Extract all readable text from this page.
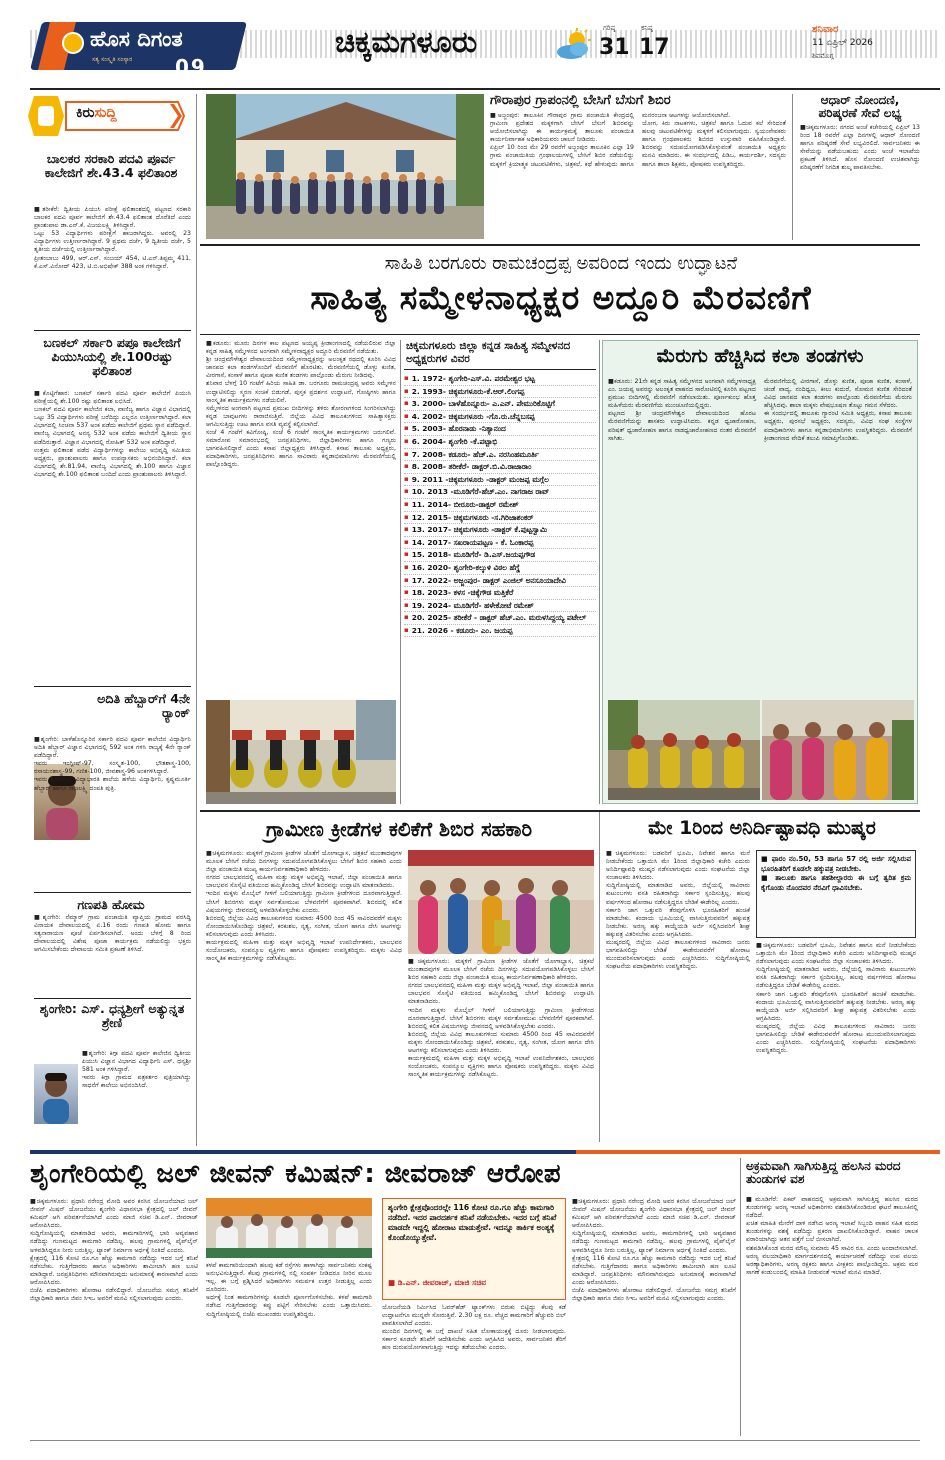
ಹೊಸ ದಿಗಂತ
ಸತ್ಯ ಸಂಸ್ಕೃತಿ ಸಂಸ್ಕಾರ 09
ಚಿಕ್ಕಮಗಳೂರು	ಗರಿಷ್ಠ
31
ಕನಿಷ್ಠ
17
ಶನಿವಾರ
11 ಏಪ್ರಿಲ್ 2026
ಶಿವಮೊಗ್ಗ
ಕಿರುಸುದ್ದಿ
ಬಾಲಕರ ಸರಕಾರಿ ಪದವಿ ಪೂರ್ವ ಕಾಲೇಜಿಗೆ ಶೇ.43.4 ಫಲಿತಾಂಶ
■ತರೀಕೆರೆ: ದ್ವಿತೀಯ ಪಿಯುಸಿ ಪರೀಕ್ಷೆ ಫಲಿತಾಂಶದಲ್ಲಿ ಪಟ್ಟಣದ ಸರಕಾರಿ ಬಾಲಕರ ಪದವಿ ಪೂರ್ವ ಕಾಲೇಜಿಗೆ ಶೇ.43.4 ಫಲಿತಾಂಶ ದೊರೆತಿದೆ ಎಂದು ಪ್ರಾಂಶುಪಾಲ ಡಾ.ಎನ್.ಕೆ. ವಿಜಯಲಕ್ಷ್ಮಿ ತಿಳಿಸಿದ್ದಾರೆ.
ಒಟ್ಟು 53 ವಿದ್ಯಾರ್ಥಿಗಳು ಪರೀಕ್ಷೆಗೆ ಹಾಜರಾಗಿದ್ದರು. ಅವರಲ್ಲಿ 23 ವಿದ್ಯಾರ್ಥಿಗಳು ಉತ್ತೀರ್ಣರಾಗಿದ್ದಾರೆ. 9 ಪ್ರಥಮ ದರ್ಜೆ, 9 ದ್ವಿತೀಯ ದರ್ಜೆ, 5 ತೃತೀಯ ದರ್ಜೆಯಲ್ಲಿ ಉತ್ತೀರ್ಣರಾಗಿದ್ದಾರೆ.
ಪ್ರೀತಂಬಾಬು 499, ಆರ್.ಎಸ್. ಸಂಜಯ್ 454, ಟಿ.ಎನ್.ತಿಪ್ಪಮ್ಮ 411, ಕೆ.ಎಸ್.ವಿನೋದ್ 423, ಟಿ.ಬಿ.ಅಭಿಷೇಕ್ 388 ಅಂಕ ಗಳಿಸಿದ್ದಾರೆ.
ಬಣಕಲ್ ಸರ್ಕಾರಿ ಪಪೂ ಕಾಲೇಜಿಗೆ ಪಿಯುಸಿಯಲ್ಲಿ ಶೇ.100ರಷ್ಟು ಫಲಿತಾಂಶ
■ಕೊಟ್ಟಿಗೆಹಾರ: ಬಣಕಲ್ ಸರ್ಕಾರಿ ಪದವಿ ಪೂರ್ವ ಕಾಲೇಜಿಗೆ ಪಿಯುಸಿ ಪರೀಕ್ಷೆಯಲ್ಲಿ ಶೇ.100 ರಷ್ಟು ಫಲಿತಾಂಶ ಲಭಿಸಿದೆ.
ಬಣಕಲ್ ಪದವಿ ಪೂರ್ವ ಕಾಲೇಜಿನ ಕಲಾ, ವಾಣಿಜ್ಯ ಹಾಗೂ ವಿಜ್ಞಾನ ವಿಭಾಗದಲ್ಲಿ ಒಟ್ಟು 35 ವಿದ್ಯಾರ್ಥಿಗಳು ಪರೀಕ್ಷೆ ಬರೆದಿದ್ದು ಎಲ್ಲರೂ ಉತ್ತೀರ್ಣರಾಗಿದ್ದಾರೆ. ಕಲಾ ವಿಭಾಗದಲ್ಲಿ ಸಿಂಚನಾ 537 ಅಂಕ ಪಡೆದು ಕಾಲೇಜಿಗೆ ಪ್ರಥಮ ಸ್ಥಾನ ಪಡೆದಿದ್ದಾರೆ. ವಾಣಿಜ್ಯ ವಿಭಾಗದಲ್ಲಿ ಅನನ್ಯ 532 ಅಂಕ ಪಡೆದು ಕಾಲೇಜಿಗೆ ದ್ವಿತೀಯ ಸ್ಥಾನ ಪಡೆದಿರುತ್ತಾರೆ. ವಿಜ್ಞಾನ ವಿಭಾಗದಲ್ಲಿ ರೋಹಿತ್ 532 ಅಂಕ ಪಡೆದಿದ್ದಾರೆ.
ಉತ್ತಮ ಫಲಿತಾಂಶ ಪಡೆದ ವಿದ್ಯಾರ್ಥಿಗಳನ್ನು ಕಾಲೇಜು ಅಭಿವೃದ್ಧಿ ಸಮಿತಿಯ ಅಧ್ಯಕ್ಷರು, ಪ್ರಾಂಶುಪಾಲರು ಹಾಗೂ ಉಪನ್ಯಾಸಕರು ಅಭಿನಂದಿಸಿದ್ದಾರೆ. ಕಲಾ ವಿಭಾಗದಲ್ಲಿ ಶೇ.81.94, ವಾಣಿಜ್ಯ ವಿಭಾಗದಲ್ಲಿ ಶೇ.100 ಹಾಗೂ ವಿಜ್ಞಾನ ವಿಭಾಗದಲ್ಲಿ ಶೇ.100 ಫಲಿತಾಂಶ ಬಂದಿದೆ ಎಂದು ಪ್ರಾಂಶುಪಾಲರು ತಿಳಿಸಿದ್ದಾರೆ.
ಅದಿತಿ ಹೆಬ್ಬಾರ್‌ಗೆ 4ನೇ ರ‍್ಯಾಂಕ್
■ಶೃಂಗೇರಿ: ಬಾಳೆಹೊನ್ನೂರಿನ ಸರ್ಕಾರಿ ಪದವಿ ಪೂರ್ವ ಕಾಲೇಜಿನ ವಿದ್ಯಾರ್ಥಿನಿ ಅದಿತಿ ಹೆಬ್ಬಾರ್ ವಿಜ್ಞಾನ ವಿಭಾಗದಲ್ಲಿ 592 ಅಂಕ ಗಳಿಸಿ ರಾಜ್ಯಕ್ಕೆ 4ನೇ ರ‍್ಯಾಂಕ್ ಪಡೆದಿದ್ದಾರೆ.
ಇವರು ಇಂಗ್ಲೀಷ್-97, ಸಂಸ್ಕೃತ-100, ಭೌತಶಾಸ್ತ್ರ-100, ರಸಾಯನಶಾಸ್ತ್ರ-99, ಗಣಿತ-100, ಜೀವಶಾಸ್ತ್ರ-96 ಅಂಕಗಳಿಸಿದ್ದಾರೆ.
ಇವರು ಶೃಂಗೇರಿಯ ವಿದ್ಯಾಭಾರತಿ ಶಾಲೆಯ ಹಳೆಯ ವಿದ್ಯಾರ್ಥಿನಿ, ಕೃಷ್ಣಮೂರ್ತಿ ಹೆಬ್ಬಾರ್ ಹಾಗೂ ರಾಜಲಕ್ಷ್ಮಿ ದಂಪತಿ ಪುತ್ರಿ.
ಗಣಪತಿ ಹೋಮ
■ಶೃಂಗೇರಿ: ನೆಮ್ಮಾರ್ ಗ್ರಾಮ ಪಂಚಾಯಿತಿ ವ್ಯಾಪ್ತಿಯ ಗ್ರಾಮದ ವರಸಿದ್ಧಿ ವಿನಾಯಕ ದೇವಾಲಯದಲ್ಲಿ ಏ.16 ರಂದು ಗಣಪತಿ ಹೋಮ ಹಾಗೂ ಸತ್ಯನಾರಾಯಣ ಪೂಜೆ ಏರ್ಪಡಿಸಲಾಗಿದೆ. ಅಂದು ಬೆಳಗ್ಗೆ 8 ರಿಂದ ದೇವಾಲಯದಲ್ಲಿ ವಿಶೇಷ ಪೂಜಾ ಕಾರ್ಯಕ್ರಮ ನಡೆಯಲಿದ್ದು ಭಕ್ತರು ಆಗಮಿಸಬೇಕೆಂದು ದೇವಾಲಯ ಸಮಿತಿ ಪ್ರಕಟಣೆ ತಿಳಿಸಿದೆ.
ಶೃಂಗೇರಿ: ಎಸ್. ಧನ್ಯಶ್ರೀಗೆ ಅತ್ಯುನ್ನತ ಶ್ರೇಣಿ
■ಶೃಂಗೇರಿ: ಕಿಗ್ಗಾ ಪದವಿ ಪೂರ್ವ ಕಾಲೇಜಿನ ದ್ವಿತೀಯ ಪಿಯುಸಿ ವಿಜ್ಞಾನ ವಿಭಾಗದ ವಿದ್ಯಾರ್ಥಿನಿ ಎಸ್. ಧನ್ಯಶ್ರೀ 581 ಅಂಕ ಗಳಿಸಿದ್ದಾರೆ.
ಇವರು ಕಿಗ್ಗಾ ಗ್ರಾಮದ ಪತ್ರಕರ್ತರ ಪುತ್ರಿಯಾಗಿದ್ದು ಸಾಧನೆಗೆ ಕಾಲೇಜು ಅಭಿನಂದಿಸಿದೆ.
ಗೌರಾಪುರ ಗ್ರಾಪಂನಲ್ಲಿ ಬೇಸಿಗೆ ಬೆಸುಗೆ ಶಿಬಿರ
■ಅಜ್ಜಂಪುರ: ತಾಲೂಕಿನ ಗೌರಾಪುರ ಗ್ರಾಮ ಪಂಚಾಯಿತಿ ಕೇಂದ್ರದಲ್ಲಿ ಗ್ರಾಮೀಣ ಪ್ರದೇಶದ ಮಕ್ಕಳಿಗಾಗಿ ಬೇಸಿಗೆ ಬೆಸುಗೆ ಶಿಬಿರವನ್ನು ಆಯೋಜಿಸಲಾಗಿದ್ದು ಈ ಕಾರ್ಯಕ್ರಮಕ್ಕೆ ತಾಲೂಕು ಪಂಚಾಯಿತಿ ಕಾರ್ಯನಿರ್ವಾಹಕ ಅಧಿಕಾರಿಯವರು ಚಾಲನೆ ನೀಡಿದರು.
ಏಪ್ರಿಲ್ 10 ರಿಂದ ಮೇ 29 ರವರೆಗೆ ಅಜ್ಜಂಪುರ ತಾಲೂಕಿನ ಎಲ್ಲಾ 19 ಗ್ರಾಮ ಪಂಚಾಯಿತಿಯ ಗ್ರಂಥಾಲಯಗಳಲ್ಲಿ ಬೇಸಿಗೆ ಶಿಬಿರ ನಡೆಯಲಿದ್ದು ಮಕ್ಕಳಿಗೆ ಕ್ರಿಯಾತ್ಮಕ ಚಟುವಟಿಕೆಗಳು, ಚಿತ್ರಕಲೆ, ಕಥೆ ಹೇಳುವುದು ಹಾಗೂ ಮನರಂಜನಾ ಆಟಗಳನ್ನು ಆಯೋಜಿಸಲಾಗಿದೆ.
ಯೋಗ, ಕಿರು ನಾಟಕಗಳು, ಚಿತ್ರಕಲೆ ಹಾಗೂ ಓದುವ ಕಲೆ ಸೇರಿದಂತೆ ಹಲವು ಚಟುವಟಿಕೆಗಳನ್ನು ಮಕ್ಕಳಿಗೆ ಕಲಿಸಲಾಗುವುದು. ಸ್ವಯಂಸೇವಕರು ಹಾಗೂ ಗ್ರಂಥಪಾಲಕರು ಶಿಬಿರದ ಉಸ್ತುವಾರಿ ವಹಿಸಿಕೊಂಡಿದ್ದಾರೆ. ಶಿಬಿರವನ್ನು ಸದುಪಯೋಗಪಡಿಸಿಕೊಳ್ಳುವಂತೆ ಪಂಚಾಯಿತಿ ಅಧ್ಯಕ್ಷರು ಮನವಿ ಮಾಡಿದರು. ಈ ಸಂದರ್ಭದಲ್ಲಿ ಪಿಡಿಒ, ಕಾರ್ಯದರ್ಶಿ, ಸದಸ್ಯರು ಹಾಗೂ ಶಾಲಾ ಶಿಕ್ಷಕರು, ಪೋಷಕರು ಉಪಸ್ಥಿತರಿದ್ದರು.
ಆಧಾರ್ ನೋಂದಣಿ, ಪರಿಷ್ಕರಣೆ ಸೇವೆ ಲಭ್ಯ
■ಚಿಕ್ಕಮಗಳೂರು: ನಗರದ ಅಂಚೆ ಕಚೇರಿಯಲ್ಲಿ ಏಪ್ರಿಲ್ 13 ರಿಂದ 18 ರವರೆಗೆ ಎಲ್ಲಾ ದಿನಗಳಲ್ಲಿ ಆಧಾರ್ ನೋಂದಣಿ ಹಾಗೂ ಪರಿಷ್ಕರಣೆ ಸೇವೆ ಲಭ್ಯವಿರಲಿದೆ. ಸಾರ್ವಜನಿಕರು ಈ ಸೇವೆಯನ್ನು ಪಡೆಯಬಹುದು ಎಂದು ಅಂಚೆ ಇಲಾಖೆಯ ಪ್ರಕಟಣೆ ತಿಳಿಸಿದೆ. ಹೊಸ ನೋಂದಣಿ ಉಚಿತವಾಗಿದ್ದು ಪರಿಷ್ಕರಣೆಗೆ ನಿಗದಿತ ಶುಲ್ಕ ಪಾವತಿಸಬೇಕು.
ಸಾಹಿತಿ ಬರಗೂರು ರಾಮಚಂದ್ರಪ್ಪ ಅವರಿಂದ ಇಂದು ಉದ್ಘಾಟನೆ
ಸಾಹಿತ್ಯ ಸಮ್ಮೇಳನಾಧ್ಯಕ್ಷರ ಅದ್ದೂರಿ ಮೆರವಣಿಗೆ
■ಕಡೂರು: ಮೂರು ದಿನಗಳ ಕಾಲ ಪಟ್ಟಣದ ಅಯ್ಯಪ್ಪ ಕ್ರೀಡಾಂಗಣದಲ್ಲಿ ನಡೆಯಲಿರುವ ಜಿಲ್ಲಾ ಕನ್ನಡ ಸಾಹಿತ್ಯ ಸಮ್ಮೇಳನದ ಅಂಗವಾಗಿ ಸಮ್ಮೇಳನಾಧ್ಯಕ್ಷರ ಅದ್ದೂರಿ ಮೆರವಣಿಗೆ ನಡೆಯಿತು.
ಶ್ರೀ ಚಂದ್ರಮೌಳೇಶ್ವರ ದೇವಾಲಯದಿಂದ ಸಮ್ಮೇಳನಾಧ್ಯಕ್ಷರನ್ನು ಅಲಂಕೃತ ರಥದಲ್ಲಿ ಕೂರಿಸಿ ವಿವಿಧ ಜಾನಪದ ಕಲಾ ತಂಡಗಳೊಂದಿಗೆ ಮೆರವಣಿಗೆ ಹೊರಟಿತು. ಮೆರವಣಿಗೆಯಲ್ಲಿ ಡೊಳ್ಳು ಕುಣಿತ, ವೀರಗಾಸೆ, ಕಂಸಾಳೆ ಹಾಗೂ ಪೂಜಾ ಕುಣಿತ ತಂಡಗಳು ಪಾಲ್ಗೊಂಡು ಮೆರುಗು ನೀಡಿದವು.
ಶನಿವಾರ ಬೆಳಗ್ಗೆ 10 ಗಂಟೆಗೆ ಹಿರಿಯ ಸಾಹಿತಿ ಡಾ. ಬರಗೂರು ರಾಮಚಂದ್ರಪ್ಪ ಅವರು ಸಮ್ಮೇಳನ ಉದ್ಘಾಟಿಸಲಿದ್ದು ಸ್ಮರಣ ಸಂಚಿಕೆ ಬಿಡುಗಡೆ, ಪುಸ್ತಕ ಪ್ರದರ್ಶನ ಉದ್ಘಾಟನೆ, ಗೋಷ್ಠಿಗಳು ಹಾಗೂ ಸಾಂಸ್ಕೃತಿಕ ಕಾರ್ಯಕ್ರಮಗಳು ನಡೆಯಲಿವೆ.
ಸಮ್ಮೇಳನದ ಅಂಗವಾಗಿ ಪಟ್ಟಣದ ಪ್ರಮುಖ ಬೀದಿಗಳನ್ನು ತಳಿರು ತೋರಣಗಳಿಂದ ಸಿಂಗರಿಸಲಾಗಿದ್ದು ಕನ್ನಡ ಬಾವುಟಗಳು ರಾರಾಜಿಸುತ್ತಿವೆ. ಜಿಲ್ಲೆಯ ವಿವಿಧ ತಾಲೂಕುಗಳಿಂದ ಸಾಹಿತ್ಯಾಸಕ್ತರು ಆಗಮಿಸುತ್ತಿದ್ದು ಊಟ ಹಾಗೂ ವಸತಿ ವ್ಯವಸ್ಥೆ ಕಲ್ಪಿಸಲಾಗಿದೆ.
ಸಂಜೆ 4 ಗಂಟೆಗೆ ಕವಿಗೋಷ್ಠಿ, ಸಂಜೆ 6 ಗಂಟೆಗೆ ಸಾಂಸ್ಕೃತಿಕ ಕಾರ್ಯಕ್ರಮಗಳು ಜರುಗಲಿವೆ. ಸಮಾರೋಪ ಸಮಾರಂಭದಲ್ಲಿ ಜನಪ್ರತಿನಿಧಿಗಳು, ಜಿಲ್ಲಾಧಿಕಾರಿಗಳು ಹಾಗೂ ಗಣ್ಯರು ಭಾಗವಹಿಸಲಿದ್ದಾರೆ ಎಂದು ಕಸಾಪ ಜಿಲ್ಲಾಧ್ಯಕ್ಷರು ತಿಳಿಸಿದ್ದಾರೆ. ಕಸಾಪ ತಾಲೂಕು ಅಧ್ಯಕ್ಷರು, ಪದಾಧಿಕಾರಿಗಳು, ಜನಪ್ರತಿನಿಧಿಗಳು ಹಾಗೂ ಸಾವಿರಾರು ಕನ್ನಡಾಭಿಮಾನಿಗಳು ಮೆರವಣಿಗೆಯಲ್ಲಿ ಪಾಲ್ಗೊಂಡಿದ್ದರು.
ಚಿಕ್ಕಮಗಳೂರು ಜಿಲ್ಲಾ ಕನ್ನಡ ಸಾಹಿತ್ಯ ಸಮ್ಮೇಳನದ ಅಧ್ಯಕ್ಷರುಗಳ ವಿವರ
▪ 1. 1972- ಶೃಂಗೇರಿ-ಎಸ್.ವಿ. ಪರಮೇಶ್ವರ ಭಟ್ಟ
▪ 2. 1993- ಚಿಕ್ಕಮಗಳೂರು-ಕೆ.ಆರ್.ಲಿಂಗಪ್ಪ
▪ 3. 2000- ಬಾಳೆಹೊನ್ನೂರು- ಎ.ಎನ್. ಪೇಮುರಿಕೊಟ್ಟಿಗೆ
▪ 4. 2002- ಚಿಕ್ಕಮಗಳೂರು -ಗೊ.ರು.ಚೆನ್ನಬಸಪ್ಪ
▪ 5. 2003- ಹೊರನಾಡು -ನಿತ್ಯಾನಂದ
▪ 6. 2004- ಶೃಂಗೇರಿ -ಕೆ.ಪಟ್ಟಾಭಿ
▪ 7. 2008- ಕಡೂರು- ಹೆಚ್.ಎ. ನರಸಿಂಹಮೂರ್ತಿ
▪ 8. 2008- ತರೀಕೆರೆ- ಡಾಕ್ಟರ್.ಬಿ.ವಿ.ರಾಜಾರಾಂ
▪ 9. 2011 -ಚಿಕ್ಕಮಗಳೂರು -ಡಾಕ್ಟರ್ ಮಂಜಪ್ಪ ಮಗ್ಗೆಲ
▪ 10. 2013 -ಮೂಡಿಗೆರೆ-ಹೆಚ್.ಎಂ. ನಾಗರಾಜ ರಾವ್
▪ 11. 2014- ಬೀರೂರು-ಡಾಕ್ಟರ್ ರಮೇಶ್
▪ 12. 2015- ಚಿಕ್ಕಮಗಳೂರು -ಸ.ಗಿರಿಜಾಶಂಕರ್
▪ 13. 2017- ಚಿಕ್ಕಮಗಳೂರು -ಡಾಕ್ಟರ್ ಕೆ.ಪುಟ್ಟಸ್ವಾಮಿ
▪ 14. 2017- ಸಖರಾಯಪಟ್ಟಣ - ಕೆ. ಓಂಕಾರಪ್ಪ
▪ 15. 2018- ಮೂಡಿಗೆರೆ- ಡಿ.ಎಸ್.ಜಯಪ್ಪಗೌಡ
▪ 16. 2020- ಶೃಂಗೇರಿ-ಕಲ್ಕುಳಿ ವಿಠಲ ಹೆಗ್ಡೆ
▪ 17. 2022- ಅಜ್ಜಂಪುರ- ಡಾಕ್ಟರ್ ಎಂಜಿಲ್ ಅನಸೂಯಾದೇವಿ
▪ 18. 2023- ಕಳಸ -ಚಿಕ್ಕೆಗೌಡ ಮತ್ತಿಕೆರೆ
▪ 19. 2024- ಮೂಡಿಗೆರೆ- ಹಳೇಕೋಟೆ ರಮೇಶ್
▪ 20. 2025- ತರೀಕೆರೆ - ಡಾಕ್ಟರ್ ಹೆಚ್.ಎಂ. ಮರುಳಸಿದ್ದಯ್ಯ ಪಟೇಲ್
▪ 21. 2026 - ಕಡೂರು- ಎಂ. ಜಯಪ್ಪ
ಮೆರುಗು ಹೆಚ್ಚಿಸಿದ ಕಲಾ ತಂಡಗಳು
■ಕಡೂರು: 21ನೇ ಕನ್ನಡ ಸಾಹಿತ್ಯ ಸಮ್ಮೇಳನದ ಅಂಗವಾಗಿ ಸಮ್ಮೇಳನಾಧ್ಯಕ್ಷ ಎಂ. ಜಯಪ್ಪ ಅವರನ್ನು ಅಲಂಕೃತ ವಾಹನದ ಸಾರೋಟಿನಲ್ಲಿ ಕೂರಿಸಿ ಪಟ್ಟಣದ ಪ್ರಮುಖ ಬೀದಿಗಳಲ್ಲಿ ಮೆರವಣಿಗೆ ನಡೆಸಲಾಯಿತು. ಪೂರ್ಣಕುಂಭ ಹೊತ್ತ ಮಹಿಳೆಯರು ಮೆರವಣಿಗೆಯ ಮುಂಚೂಣಿಯಲ್ಲಿದ್ದರು.
ಪಟ್ಟಣದ ಶ್ರೀ ಚಂದ್ರಮೌಳೇಶ್ವರ ದೇವಾಲಯದಿಂದ ಹೊರಟ ಮೆರವಣಿಗೆಯನ್ನು ಶಾಸಕರು ಉದ್ಘಾಟಿಸಿದರು. ಕನ್ನಡ ಧ್ವಜಾರೋಹಣ, ಪರಿಷತ್ ಧ್ವಜಾರೋಹಣ ಹಾಗೂ ನಾಡಧ್ವಜಾರೋಹಣದ ನಂತರ ಮೆರವಣಿಗೆ ಸಾಗಿತು.
ಮೆರವಣಿಗೆಯಲ್ಲಿ ವೀರಗಾಸೆ, ಡೊಳ್ಳು ಕುಣಿತ, ಪೂಜಾ ಕುಣಿತ, ಕಂಸಾಳೆ, ಚಂಡೆ ವಾದ್ಯ, ನಂದಿಧ್ವಜ, ಕೀಲು ಕುದುರೆ, ಸೋಮನ ಕುಣಿತ ಸೇರಿದಂತೆ ವಿವಿಧ ಜಾನಪದ ಕಲಾ ತಂಡಗಳು ಪಾಲ್ಗೊಂಡು ಮೆರವಣಿಗೆಯ ಮೆರುಗು ಹೆಚ್ಚಿಸಿದವು. ಶಾಲಾ ಮಕ್ಕಳು ವೇಷಭೂಷಣ ತೊಟ್ಟು ಗಮನ ಸೆಳೆದರು.
ಈ ಸಂದರ್ಭದಲ್ಲಿ ತಾಲೂಕು ಗ್ಯಾರಂಟಿ ಸಮಿತಿ ಅಧ್ಯಕ್ಷರು, ಕಸಾಪ ತಾಲೂಕು ಅಧ್ಯಕ್ಷರು, ಪುರಸಭೆ ಅಧ್ಯಕ್ಷರು, ಸದಸ್ಯರು, ವಿವಿಧ ಸಂಘ ಸಂಸ್ಥೆಗಳ ಪದಾಧಿಕಾರಿಗಳು ಹಾಗೂ ಕನ್ನಡಾಭಿಮಾನಿಗಳು ಉಪಸ್ಥಿತರಿದ್ದರು. ಮೆರವಣಿಗೆ ಕ್ರೀಡಾಂಗಣದ ವೇದಿಕೆ ತಲುಪಿ ಸಮಾಪ್ತಿಗೊಂಡಿತು.
ಗ್ರಾಮೀಣ ಕ್ರೀಡೆಗಳ ಕಲಿಕೆಗೆ ಶಿಬಿರ ಸಹಕಾರಿ
■ಚಿಕ್ಕಮಗಳೂರು: ಮಕ್ಕಳಿಗೆ ಗ್ರಾಮೀಣ ಕ್ರೀಡೆಗಳ ಜೊತೆಗೆ ಯೋಗಾಭ್ಯಾಸ, ಚಿತ್ರಕಲೆ ಮುಂತಾದವುಗಳ ಮೂಲಕ ಬೇಸಿಗೆ ರಜೆಯ ದಿನಗಳನ್ನು ಸದುಪಯೋಗಪಡಿಸಿಕೊಳ್ಳಲು ಬೇಸಿಗೆ ಶಿಬಿರ ಸಹಕಾರಿ ಎಂದು ಜಿಲ್ಲಾ ಪಂಚಾಯಿತಿ ಮುಖ್ಯ ಕಾರ್ಯನಿರ್ವಹಣಾಧಿಕಾರಿ ಹೇಳಿದರು.
ನಗರದ ಬಾಲಭವನದಲ್ಲಿ ಮಹಿಳಾ ಮತ್ತು ಮಕ್ಕಳ ಅಭಿವೃದ್ಧಿ ಇಲಾಖೆ, ಜಿಲ್ಲಾ ಪಂಚಾಯಿತಿ ಹಾಗೂ ಬಾಲಭವನ ಸೊಸೈಟಿ ವತಿಯಿಂದ ಹಮ್ಮಿಕೊಂಡಿದ್ದ ಬೇಸಿಗೆ ಶಿಬಿರವನ್ನು ಉದ್ಘಾಟಿಸಿ ಮಾತನಾಡಿದರು.
ಇಂದಿನ ಮಕ್ಕಳು ಮೊಬೈಲ್ ಗೀಳಿಗೆ ಬಲಿಯಾಗುತ್ತಿದ್ದು ಗ್ರಾಮೀಣ ಕ್ರೀಡೆಗಳಿಂದ ದೂರವಾಗುತ್ತಿದ್ದಾರೆ. ಬೇಸಿಗೆ ಶಿಬಿರಗಳು ಮಕ್ಕಳ ಸರ್ವತೋಮುಖ ಬೆಳವಣಿಗೆಗೆ ಪೂರಕವಾಗಿವೆ. ಶಿಬಿರದಲ್ಲಿ ಕಲಿತ ವಿಷಯಗಳನ್ನು ಜೀವನದಲ್ಲಿ ಅಳವಡಿಸಿಕೊಳ್ಳಬೇಕು ಎಂದರು.
ಶಿಬಿರದಲ್ಲಿ ಜಿಲ್ಲೆಯ ವಿವಿಧ ತಾಲೂಕುಗಳಿಂದ ಸುಮಾರು 4500 ರಿಂದ 45 ಸಾವಿರದವರೆಗೆ ಮಕ್ಕಳು ನೋಂದಾಯಿಸಿಕೊಂಡಿದ್ದು ಚಿತ್ರಕಲೆ, ಕರಕುಶಲ, ನೃತ್ಯ, ಸಂಗೀತ, ಯೋಗ ಹಾಗೂ ದೇಸಿ ಆಟಗಳನ್ನು ಕಲಿಸಲಾಗುವುದು ಎಂದು ತಿಳಿಸಿದರು.
ಕಾರ್ಯಕ್ರಮದಲ್ಲಿ ಮಹಿಳಾ ಮತ್ತು ಮಕ್ಕಳ ಅಭಿವೃದ್ಧಿ ಇಲಾಖೆ ಉಪನಿರ್ದೇಶಕರು, ಬಾಲಭವನ ಸಂಯೋಜಕರು, ಸಂಪನ್ಮೂಲ ವ್ಯಕ್ತಿಗಳು ಹಾಗೂ ಪೋಷಕರು ಉಪಸ್ಥಿತರಿದ್ದರು. ಮಕ್ಕಳು ವಿವಿಧ ಸಾಂಸ್ಕೃತಿಕ ಕಾರ್ಯಕ್ರಮಗಳನ್ನು ನಡೆಸಿಕೊಟ್ಟರು.	■ಚಿಕ್ಕಮಗಳೂರು: ಮಕ್ಕಳಿಗೆ ಗ್ರಾಮೀಣ ಕ್ರೀಡೆಗಳ ಜೊತೆಗೆ ಯೋಗಾಭ್ಯಾಸ, ಚಿತ್ರಕಲೆ ಮುಂತಾದವುಗಳ ಮೂಲಕ ಬೇಸಿಗೆ ರಜೆಯ ದಿನಗಳನ್ನು ಸದುಪಯೋಗಪಡಿಸಿಕೊಳ್ಳಲು ಬೇಸಿಗೆ ಶಿಬಿರ ಸಹಕಾರಿ ಎಂದು ಜಿಲ್ಲಾ ಪಂಚಾಯಿತಿ ಮುಖ್ಯ ಕಾರ್ಯನಿರ್ವಹಣಾಧಿಕಾರಿ ಹೇಳಿದರು.
ನಗರದ ಬಾಲಭವನದಲ್ಲಿ ಮಹಿಳಾ ಮತ್ತು ಮಕ್ಕಳ ಅಭಿವೃದ್ಧಿ ಇಲಾಖೆ, ಜಿಲ್ಲಾ ಪಂಚಾಯಿತಿ ಹಾಗೂ ಬಾಲಭವನ ಸೊಸೈಟಿ ವತಿಯಿಂದ ಹಮ್ಮಿಕೊಂಡಿದ್ದ ಬೇಸಿಗೆ ಶಿಬಿರವನ್ನು ಉದ್ಘಾಟಿಸಿ ಮಾತನಾಡಿದರು.
ಇಂದಿನ ಮಕ್ಕಳು ಮೊಬೈಲ್ ಗೀಳಿಗೆ ಬಲಿಯಾಗುತ್ತಿದ್ದು ಗ್ರಾಮೀಣ ಕ್ರೀಡೆಗಳಿಂದ ದೂರವಾಗುತ್ತಿದ್ದಾರೆ. ಬೇಸಿಗೆ ಶಿಬಿರಗಳು ಮಕ್ಕಳ ಸರ್ವತೋಮುಖ ಬೆಳವಣಿಗೆಗೆ ಪೂರಕವಾಗಿವೆ. ಶಿಬಿರದಲ್ಲಿ ಕಲಿತ ವಿಷಯಗಳನ್ನು ಜೀವನದಲ್ಲಿ ಅಳವಡಿಸಿಕೊಳ್ಳಬೇಕು ಎಂದರು.
ಶಿಬಿರದಲ್ಲಿ ಜಿಲ್ಲೆಯ ವಿವಿಧ ತಾಲೂಕುಗಳಿಂದ ಸುಮಾರು 4500 ರಿಂದ 45 ಸಾವಿರದವರೆಗೆ ಮಕ್ಕಳು ನೋಂದಾಯಿಸಿಕೊಂಡಿದ್ದು ಚಿತ್ರಕಲೆ, ಕರಕುಶಲ, ನೃತ್ಯ, ಸಂಗೀತ, ಯೋಗ ಹಾಗೂ ದೇಸಿ ಆಟಗಳನ್ನು ಕಲಿಸಲಾಗುವುದು ಎಂದು ತಿಳಿಸಿದರು.
ಕಾರ್ಯಕ್ರಮದಲ್ಲಿ ಮಹಿಳಾ ಮತ್ತು ಮಕ್ಕಳ ಅಭಿವೃದ್ಧಿ ಇಲಾಖೆ ಉಪನಿರ್ದೇಶಕರು, ಬಾಲಭವನ ಸಂಯೋಜಕರು, ಸಂಪನ್ಮೂಲ ವ್ಯಕ್ತಿಗಳು ಹಾಗೂ ಪೋಷಕರು ಉಪಸ್ಥಿತರಿದ್ದರು. ಮಕ್ಕಳು ವಿವಿಧ ಸಾಂಸ್ಕೃತಿಕ ಕಾರ್ಯಕ್ರಮಗಳನ್ನು ನಡೆಸಿಕೊಟ್ಟರು.
ಮೇ 1ರಿಂದ ಅನಿರ್ದಿಷ್ಟಾವಧಿ ಮುಷ್ಕರ
■ಚಿಕ್ಕಮಗಳೂರು: ಬಡವರಿಗೆ ಭೂಮಿ, ನಿವೇಶನ ಹಾಗೂ ಮನೆ ನೀಡಬೇಕೆಂದು ಒತ್ತಾಯಿಸಿ ಮೇ 1ರಿಂದ ಜಿಲ್ಲಾಧಿಕಾರಿ ಕಚೇರಿ ಎದುರು ಅನಿರ್ದಿಷ್ಟಾವಧಿ ಮುಷ್ಕರ ನಡೆಸಲಾಗುವುದು ಎಂದು ಸಂಘಟನೆಯ ಜಿಲ್ಲಾ ಸಂಚಾಲಕರು ತಿಳಿಸಿದರು.
ಸುದ್ದಿಗೋಷ್ಠಿಯಲ್ಲಿ ಮಾತನಾಡಿದ ಅವರು, ಜಿಲ್ಲೆಯಲ್ಲಿ ಸಾವಿರಾರು ಕುಟುಂಬಗಳು ವಸತಿ ರಹಿತರಾಗಿದ್ದು ಸರ್ಕಾರ ಸ್ಪಂದಿಸುತ್ತಿಲ್ಲ. ಹಲವು ವರ್ಷಗಳಿಂದ ಹೋರಾಟ ನಡೆಸುತ್ತಿದ್ದರೂ ಬೇಡಿಕೆ ಈಡೇರಿಲ್ಲ ಎಂದರು.
ಸರ್ಕಾರಿ ಜಾಗ ಒತ್ತುವರಿ ತೆರವುಗೊಳಿಸಿ ಭೂರಹಿತರಿಗೆ ಹಂಚಿಕೆ ಮಾಡಬೇಕು. ಕಂದಾಯ ಭೂಮಿಯಲ್ಲಿ ವಾಸಿಸುತ್ತಿರುವವರಿಗೆ ಹಕ್ಕುಪತ್ರ ನೀಡಬೇಕು. ಅರಣ್ಯ ಹಕ್ಕು ಕಾಯ್ದೆಯಡಿ ಅರ್ಜಿ ಸಲ್ಲಿಸಿದವರಿಗೆ ಶೀಘ್ರ ಹಕ್ಕುಪತ್ರ ವಿತರಿಸಬೇಕು ಎಂದು ಆಗ್ರಹಿಸಿದರು.
ಮುಷ್ಕರದಲ್ಲಿ ಜಿಲ್ಲೆಯ ವಿವಿಧ ತಾಲೂಕುಗಳಿಂದ ಸಾವಿರಾರು ಜನರು ಭಾಗವಹಿಸಲಿದ್ದು ಬೇಡಿಕೆ ಈಡೇರುವವರೆಗೆ ಹೋರಾಟ ಮುಂದುವರಿಸಲಾಗುವುದು ಎಂದು ಎಚ್ಚರಿಸಿದರು. ಸುದ್ದಿಗೋಷ್ಠಿಯಲ್ಲಿ ಸಂಘಟನೆಯ ಪದಾಧಿಕಾರಿಗಳು ಉಪಸ್ಥಿತರಿದ್ದರು.
■ ಫಾರಂ ನಂ.50, 53 ಹಾಗೂ 57 ರಲ್ಲಿ ಅರ್ಜಿ ಸಲ್ಲಿಸಿರುವ ಭೂರಹಿತರಿಗೆ ಕೂಡಲೇ ಹಕ್ಕುಪತ್ರ ನೀಡಬೇಕು.
■ ತಾಲೂಕು ಹಾಗೂ ತಹಶೀಲ್ದಾರರು ಈ ಬಗ್ಗೆ ತ್ವರಿತ ಕ್ರಮ ಕೈಗೊಂಡು ನೊಂದವರ ನೆರವಿಗೆ ಧಾವಿಸಬೇಕು.
■ಚಿಕ್ಕಮಗಳೂರು: ಬಡವರಿಗೆ ಭೂಮಿ, ನಿವೇಶನ ಹಾಗೂ ಮನೆ ನೀಡಬೇಕೆಂದು ಒತ್ತಾಯಿಸಿ ಮೇ 1ರಿಂದ ಜಿಲ್ಲಾಧಿಕಾರಿ ಕಚೇರಿ ಎದುರು ಅನಿರ್ದಿಷ್ಟಾವಧಿ ಮುಷ್ಕರ ನಡೆಸಲಾಗುವುದು ಎಂದು ಸಂಘಟನೆಯ ಜಿಲ್ಲಾ ಸಂಚಾಲಕರು ತಿಳಿಸಿದರು.
ಸುದ್ದಿಗೋಷ್ಠಿಯಲ್ಲಿ ಮಾತನಾಡಿದ ಅವರು, ಜಿಲ್ಲೆಯಲ್ಲಿ ಸಾವಿರಾರು ಕುಟುಂಬಗಳು ವಸತಿ ರಹಿತರಾಗಿದ್ದು ಸರ್ಕಾರ ಸ್ಪಂದಿಸುತ್ತಿಲ್ಲ. ಹಲವು ವರ್ಷಗಳಿಂದ ಹೋರಾಟ ನಡೆಸುತ್ತಿದ್ದರೂ ಬೇಡಿಕೆ ಈಡೇರಿಲ್ಲ ಎಂದರು.
ಸರ್ಕಾರಿ ಜಾಗ ಒತ್ತುವರಿ ತೆರವುಗೊಳಿಸಿ ಭೂರಹಿತರಿಗೆ ಹಂಚಿಕೆ ಮಾಡಬೇಕು. ಕಂದಾಯ ಭೂಮಿಯಲ್ಲಿ ವಾಸಿಸುತ್ತಿರುವವರಿಗೆ ಹಕ್ಕುಪತ್ರ ನೀಡಬೇಕು. ಅರಣ್ಯ ಹಕ್ಕು ಕಾಯ್ದೆಯಡಿ ಅರ್ಜಿ ಸಲ್ಲಿಸಿದವರಿಗೆ ಶೀಘ್ರ ಹಕ್ಕುಪತ್ರ ವಿತರಿಸಬೇಕು ಎಂದು ಆಗ್ರಹಿಸಿದರು.
ಮುಷ್ಕರದಲ್ಲಿ ಜಿಲ್ಲೆಯ ವಿವಿಧ ತಾಲೂಕುಗಳಿಂದ ಸಾವಿರಾರು ಜನರು ಭಾಗವಹಿಸಲಿದ್ದು ಬೇಡಿಕೆ ಈಡೇರುವವರೆಗೆ ಹೋರಾಟ ಮುಂದುವರಿಸಲಾಗುವುದು ಎಂದು ಎಚ್ಚರಿಸಿದರು. ಸುದ್ದಿಗೋಷ್ಠಿಯಲ್ಲಿ ಸಂಘಟನೆಯ ಪದಾಧಿಕಾರಿಗಳು ಉಪಸ್ಥಿತರಿದ್ದರು.
ಶೃಂಗೇರಿಯಲ್ಲಿ ಜಲ್ ಜೀವನ್ ಕಮಿಷನ್: ಜೀವರಾಜ್ ಆರೋಪ
■ಚಿಕ್ಕಮಗಳೂರು: ಪ್ರಧಾನಿ ನರೇಂದ್ರ ಮೋದಿ ಅವರ ಕನಸಿನ ಯೋಜನೆಯಾದ ಜಲ್ ಜೀವನ್ ಮಿಷನ್ ಯೋಜನೆಯು ಶೃಂಗೇರಿ ವಿಧಾನಸಭಾ ಕ್ಷೇತ್ರದಲ್ಲಿ ಜಲ್ ಜೀವನ್ ಕಮಿಷನ್ ಆಗಿ ಪರಿವರ್ತನೆಯಾಗಿದೆ ಎಂದು ಮಾಜಿ ಸಚಿವ ಡಿ.ಎನ್. ಜೀವರಾಜ್ ಆರೋಪಿಸಿದರು.
ಸುದ್ದಿಗೋಷ್ಠಿಯಲ್ಲಿ ಮಾತನಾಡಿದ ಅವರು, ಕಾಮಗಾರಿಗಳಲ್ಲಿ ಭಾರಿ ಅವ್ಯವಹಾರ ನಡೆದಿದ್ದು ಗುಣಮಟ್ಟದ ಕಾಮಗಾರಿ ನಡೆದಿಲ್ಲ. ಹಲವು ಗ್ರಾಮಗಳಲ್ಲಿ ಪೈಪ್‌ಲೈನ್ ಅಳವಡಿಸಿದ್ದರೂ ನೀರು ಬರುತ್ತಿಲ್ಲ. ಟ್ಯಾಂಕ್ ನಿರ್ಮಾಣ ಅರ್ಧಕ್ಕೆ ನಿಂತಿದೆ ಎಂದರು.
ಕ್ಷೇತ್ರದಲ್ಲಿ 116 ಕೋಟಿ ರೂ.ಗೂ ಹೆಚ್ಚು ಕಾಮಗಾರಿ ನಡೆದಿದ್ದು ಇದರ ಬಗ್ಗೆ ತನಿಖೆ ನಡೆಸಬೇಕು. ಗುತ್ತಿಗೆದಾರರು ಹಾಗೂ ಅಧಿಕಾರಿಗಳು ಶಾಮೀಲಾಗಿ ಹಣ ಲೂಟಿ ಮಾಡಿದ್ದಾರೆ. ಜನಪ್ರತಿನಿಧಿಗಳು ಮೌನವಾಗಿರುವುದು ಅನುಮಾನಕ್ಕೆ ಕಾರಣವಾಗಿದೆ ಎಂದು ಆರೋಪಿಸಿದರು.
ಬಿಜೆಪಿ ಪದಾಧಿಕಾರಿಗಳು ಹೋರಾಟ ನಡೆಸಲಿದ್ದಾರೆ. ಯೋಜನೆಯ ಸಮಗ್ರ ತನಿಖೆಗೆ ಜಿಲ್ಲಾಧಿಕಾರಿ ಹಾಗೂ ಜಿಪಂ ಸಿಇಒ ಅವರಿಗೆ ಮನವಿ ಸಲ್ಲಿಸಲಾಗುವುದು ಎಂದರು.
ಕಳಪೆ ಕಾಮಗಾರಿಯಿಂದಾಗಿ ಹಲವು ಕಡೆ ರಸ್ತೆಗಳು ಹಾಳಾಗಿದ್ದು ಸಾರ್ವಜನಿಕರು ಸಂಕಷ್ಟ ಅನುಭವಿಸುತ್ತಿದ್ದಾರೆ. ಕೆಲವು ಗ್ರಾಮಗಳಲ್ಲಿ ನಲ್ಲಿ ಸಂಪರ್ಕ ನೀಡಿದರೂ ನೀರಿನ ಮೂಲ ಇಲ್ಲ. ಈ ಬಗ್ಗೆ ಪ್ರಶ್ನಿಸಿದರೆ ಅಧಿಕಾರಿಗಳು ಸಮರ್ಪಕ ಉತ್ತರ ನೀಡುತ್ತಿಲ್ಲ ಎಂದು ದೂರಿದರು.
ಅರ್ಧಕ್ಕೆ ನಿಂತ ಕಾಮಗಾರಿಗಳನ್ನು ಕೂಡಲೇ ಪೂರ್ಣಗೊಳಿಸಬೇಕು. ಕಳಪೆ ಕಾಮಗಾರಿ ನಡೆಸಿದ ಗುತ್ತಿಗೆದಾರರನ್ನು ಕಪ್ಪು ಪಟ್ಟಿಗೆ ಸೇರಿಸಬೇಕು ಎಂದು ಒತ್ತಾಯಿಸಿದರು. ಸುದ್ದಿಗೋಷ್ಠಿಯಲ್ಲಿ ಬಿಜೆಪಿ ಮುಖಂಡರು ಉಪಸ್ಥಿತರಿದ್ದರು.
ಶೃಂಗೇರಿ ಕ್ಷೇತ್ರವೊಂದರಲ್ಲೇ 116 ಕೋಟಿ ರೂ.ಗೂ ಹೆಚ್ಚು ಕಾಮಗಾರಿ ನಡೆದಿದೆ. ಇದರ ಪಾರದರ್ಶಕ ತನಿಖೆ ನಡೆಯಬೇಕು. ಇದರ ಬಗ್ಗೆ ತನಿಖೆ ಮಾಡದೇ ಇದ್ದಲ್ಲಿ ಹೋರಾಟ ಮಾಡುತ್ತೇವೆ. ಇದನ್ನೂ ತಾರ್ಕಿಕ ಅಂತ್ಯಕ್ಕೆ ಕೊಂಡೊಯ್ಯುತ್ತೇವೆ.
■ ಡಿ.ಎನ್. ಜೀವರಾಜ್, ಮಾಜಿ ಸಚಿವ
ಯೋಜನೆಯಡಿ ನಿರ್ಮಿಸಿದ ಓವರ್‌ಹೆಡ್ ಟ್ಯಾಂಕ್‌ಗಳು ಬಿರುಕು ಬಿಟ್ಟಿದ್ದು ಕೆಲವು ಕಡೆ ಉದ್ಘಾಟನೆಗೂ ಮುನ್ನವೇ ಸೋರುತ್ತಿವೆ. 2.30 ಲಕ್ಷ ರೂ. ವೆಚ್ಚದ ಕಾಮಗಾರಿಗೆ ಹೆಚ್ಚುವರಿ ಬಿಲ್ ಪಾವತಿಸಲಾಗಿದೆ ಎಂದರು.
ಮುಂದಿನ ದಿನಗಳಲ್ಲಿ ಈ ಬಗ್ಗೆ ದಾಖಲೆ ಸಹಿತ ಲೋಕಾಯುಕ್ತಕ್ಕೆ ದೂರು ನೀಡಲಾಗುವುದು. ಸರ್ಕಾರ ಕೂಡಲೇ ತನಿಖೆಗೆ ಆದೇಶಿಸಬೇಕು ಎಂದು ಆಗ್ರಹಿಸಿದ ಅವರು, ಸಾರ್ವಜನಿಕರ ತೆರಿಗೆ ಹಣ ದುರುಪಯೋಗವಾಗುತ್ತಿದ್ದು ಇದನ್ನು ತಡೆಯಬೇಕು ಎಂದರು.
■ಚಿಕ್ಕಮಗಳೂರು: ಪ್ರಧಾನಿ ನರೇಂದ್ರ ಮೋದಿ ಅವರ ಕನಸಿನ ಯೋಜನೆಯಾದ ಜಲ್ ಜೀವನ್ ಮಿಷನ್ ಯೋಜನೆಯು ಶೃಂಗೇರಿ ವಿಧಾನಸಭಾ ಕ್ಷೇತ್ರದಲ್ಲಿ ಜಲ್ ಜೀವನ್ ಕಮಿಷನ್ ಆಗಿ ಪರಿವರ್ತನೆಯಾಗಿದೆ ಎಂದು ಮಾಜಿ ಸಚಿವ ಡಿ.ಎನ್. ಜೀವರಾಜ್ ಆರೋಪಿಸಿದರು.
ಸುದ್ದಿಗೋಷ್ಠಿಯಲ್ಲಿ ಮಾತನಾಡಿದ ಅವರು, ಕಾಮಗಾರಿಗಳಲ್ಲಿ ಭಾರಿ ಅವ್ಯವಹಾರ ನಡೆದಿದ್ದು ಗುಣಮಟ್ಟದ ಕಾಮಗಾರಿ ನಡೆದಿಲ್ಲ. ಹಲವು ಗ್ರಾಮಗಳಲ್ಲಿ ಪೈಪ್‌ಲೈನ್ ಅಳವಡಿಸಿದ್ದರೂ ನೀರು ಬರುತ್ತಿಲ್ಲ. ಟ್ಯಾಂಕ್ ನಿರ್ಮಾಣ ಅರ್ಧಕ್ಕೆ ನಿಂತಿದೆ ಎಂದರು.
ಕ್ಷೇತ್ರದಲ್ಲಿ 116 ಕೋಟಿ ರೂ.ಗೂ ಹೆಚ್ಚು ಕಾಮಗಾರಿ ನಡೆದಿದ್ದು ಇದರ ಬಗ್ಗೆ ತನಿಖೆ ನಡೆಸಬೇಕು. ಗುತ್ತಿಗೆದಾರರು ಹಾಗೂ ಅಧಿಕಾರಿಗಳು ಶಾಮೀಲಾಗಿ ಹಣ ಲೂಟಿ ಮಾಡಿದ್ದಾರೆ. ಜನಪ್ರತಿನಿಧಿಗಳು ಮೌನವಾಗಿರುವುದು ಅನುಮಾನಕ್ಕೆ ಕಾರಣವಾಗಿದೆ ಎಂದು ಆರೋಪಿಸಿದರು.
ಬಿಜೆಪಿ ಪದಾಧಿಕಾರಿಗಳು ಹೋರಾಟ ನಡೆಸಲಿದ್ದಾರೆ. ಯೋಜನೆಯ ಸಮಗ್ರ ತನಿಖೆಗೆ ಜಿಲ್ಲಾಧಿಕಾರಿ ಹಾಗೂ ಜಿಪಂ ಸಿಇಒ ಅವರಿಗೆ ಮನವಿ ಸಲ್ಲಿಸಲಾಗುವುದು ಎಂದರು.
ಅಕ್ರಮವಾಗಿ ಸಾಗಿಸುತ್ತಿದ್ದ ಹಲಸಿನ ಮರದ ತುಂಡುಗಳ ವಶ
■ಮೂಡಿಗೆರೆ: ಪಿಕಪ್ ವಾಹನದಲ್ಲಿ ಅಕ್ರಮವಾಗಿ ಸಾಗಿಸುತ್ತಿದ್ದ ಹಲಸಿನ ಮರದ ತುಂಡುಗಳನ್ನು ಅರಣ್ಯ ಇಲಾಖೆ ಅಧಿಕಾರಿಗಳು ವಶಪಡಿಸಿಕೊಂಡಿರುವ ಘಟನೆ ತಾಲೂಕಿನಲ್ಲಿ ನಡೆದಿದೆ.
ಖಚಿತ ಮಾಹಿತಿ ಮೇರೆಗೆ ದಾಳಿ ನಡೆಸಿದ ಅರಣ್ಯ ಇಲಾಖೆ ಸಿಬ್ಬಂದಿ ವಾಹನ ಸಹಿತ ಮರದ ತುಂಡುಗಳನ್ನು ವಶಕ್ಕೆ ಪಡೆದಿದ್ದು ಪ್ರಕರಣ ದಾಖಲಿಸಿಕೊಂಡಿದ್ದಾರೆ. ವಾಹನ ಚಾಲಕ ಪರಾರಿಯಾಗಿದ್ದು ಆತನ ಪತ್ತೆಗೆ ಬಲೆ ಬೀಸಲಾಗಿದೆ.
ವಶಪಡಿಸಿಕೊಂಡ ಮರದ ಮೌಲ್ಯ ಸುಮಾರು 45 ಸಾವಿರ ರೂ. ಎಂದು ಅಂದಾಜಿಸಲಾಗಿದೆ. ಅರಣ್ಯ ವಲಯಾಧಿಕಾರಿ ಮಾರ್ಗದರ್ಶನದಲ್ಲಿ ಕಾರ್ಯಾಚರಣೆ ನಡೆದಿದ್ದು ಉಪ ವಲಯ ಅರಣ್ಯಾಧಿಕಾರಿಗಳು, ಅರಣ್ಯ ರಕ್ಷಕರು ಹಾಗೂ ವೀಕ್ಷಕರು ಪಾಲ್ಗೊಂಡಿದ್ದರು. ಅಕ್ರಮ ಮರ ಸಾಗಣೆ ಕಂಡುಬಂದಲ್ಲಿ ಮಾಹಿತಿ ನೀಡುವಂತೆ ಇಲಾಖೆ ಮನವಿ ಮಾಡಿದೆ.
